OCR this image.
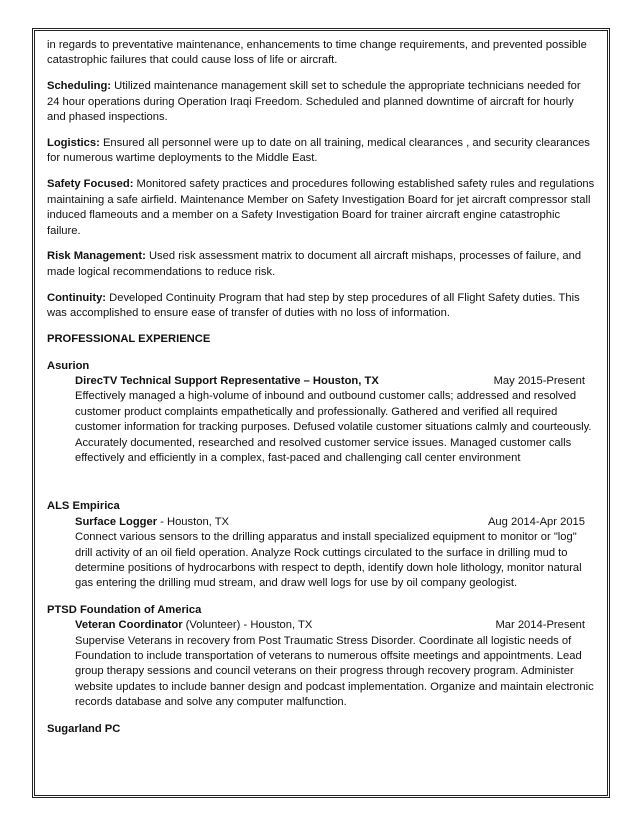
in regards to preventative maintenance, enhancements to time change requirements, and prevented possible catastrophic failures that could cause loss of life or aircraft.

Scheduling: Utilized maintenance management skill set to schedule the appropriate technicians needed for 24 hour operations during Operation Iraqi Freedom. Scheduled and planned downtime of aircraft for hourly and phased inspections.

Logistics: Ensured all personnel were up to date on all training, medical clearances , and security clearances for numerous wartime deployments to the Middle East.

Safety Focused: Monitored safety practices and procedures following established safety rules and regulations maintaining a safe airfield. Maintenance Member on Safety Investigation Board for jet aircraft compressor stall induced flameouts and a member on a Safety Investigation Board for trainer aircraft engine catastrophic failure.

Risk Management: Used risk assessment matrix to document all aircraft mishaps, processes of failure, and made logical recommendations to reduce risk.

Continuity: Developed Continuity Program that had step by step procedures of all Flight Safety duties. This was accomplished to ensure ease of transfer of duties with no loss of information.

PROFESSIONAL EXPERIENCE

Asurion

DirecTV Technical Support Representative – Houston, TX	May 2015-Present

Effectively managed a high-volume of inbound and outbound customer calls; addressed and resolved customer product complaints empathetically and professionally. Gathered and verified all required customer information for tracking purposes. Defused volatile customer situations calmly and courteously. Accurately documented, researched and resolved customer service issues. Managed customer calls effectively and efficiently in a complex, fast-paced and challenging call center environment

ALS Empirica

Surface Logger - Houston, TX	Aug 2014-Apr 2015

Connect various sensors to the drilling apparatus and install specialized equipment to monitor or "log" drill activity of an oil field operation. Analyze Rock cuttings circulated to the surface in drilling mud to determine positions of hydrocarbons with respect to depth, identify down hole lithology, monitor natural gas entering the drilling mud stream, and draw well logs for use by oil company geologist.

PTSD Foundation of America

Veteran Coordinator (Volunteer) - Houston, TX	Mar 2014-Present

Supervise Veterans in recovery from Post Traumatic Stress Disorder. Coordinate all logistic needs of Foundation to include transportation of veterans to numerous offsite meetings and appointments. Lead group therapy sessions and council veterans on their progress through recovery program. Administer website updates to include banner design and podcast implementation. Organize and maintain electronic records database and solve any computer malfunction.

Sugarland PC
